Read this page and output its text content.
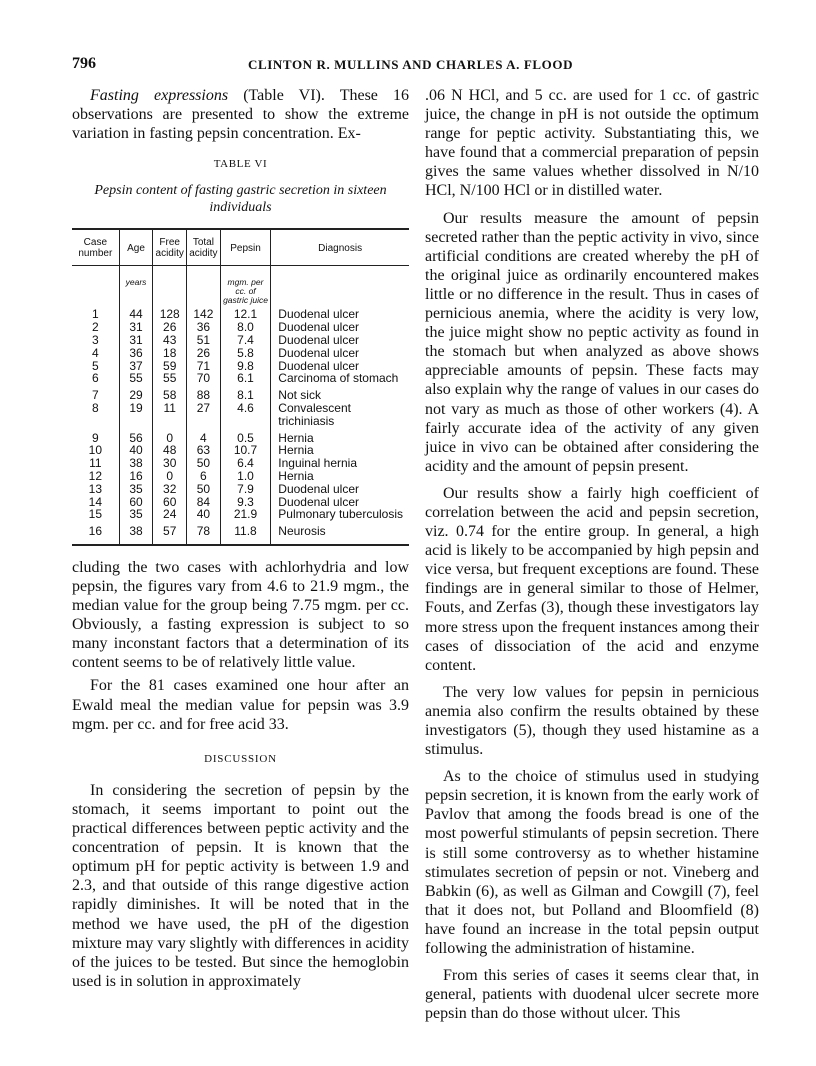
796	CLINTON R. MULLINS AND CHARLES A. FLOOD

Fasting expressions (Table VI). These 16 observations are presented to show the extreme variation in fasting pepsin concentration. Ex-

TABLE VI

Pepsin content of fasting gastric secretion in sixteen individuals

Case number	Age	Free acidity	Total acidity	Pepsin	Diagnosis
	years			mgm. per cc. of gastric juice	
1	44	128	142	12.1	Duodenal ulcer
2	31	26	36	8.0	Duodenal ulcer
3	31	43	51	7.4	Duodenal ulcer
4	36	18	26	5.8	Duodenal ulcer
5	37	59	71	9.8	Duodenal ulcer
6	55	55	70	6.1	Carcinoma of stomach
7	29	58	88	8.1	Not sick
8	19	11	27	4.6	Convalescent trichiniasis
9	56	0	4	0.5	Hernia
10	40	48	63	10.7	Hernia
11	38	30	50	6.4	Inguinal hernia
12	16	0	6	1.0	Hernia
13	35	32	50	7.9	Duodenal ulcer
14	60	60	84	9.3	Duodenal ulcer
15	35	24	40	21.9	Pulmonary tuberculosis
16	38	57	78	11.8	Neurosis

cluding the two cases with achlorhydria and low pepsin, the figures vary from 4.6 to 21.9 mgm., the median value for the group being 7.75 mgm. per cc. Obviously, a fasting expression is subject to so many inconstant factors that a determination of its content seems to be of relatively little value.

For the 81 cases examined one hour after an Ewald meal the median value for pepsin was 3.9 mgm. per cc. and for free acid 33.

DISCUSSION

In considering the secretion of pepsin by the stomach, it seems important to point out the practical differences between peptic activity and the concentration of pepsin. It is known that the optimum pH for peptic activity is between 1.9 and 2.3, and that outside of this range digestive action rapidly diminishes. It will be noted that in the method we have used, the pH of the digestion mixture may vary slightly with differences in acidity of the juices to be tested. But since the hemoglobin used is in solution in approximately

.06 N HCl, and 5 cc. are used for 1 cc. of gastric juice, the change in pH is not outside the optimum range for peptic activity. Substantiating this, we have found that a commercial preparation of pepsin gives the same values whether dissolved in N/10 HCl, N/100 HCl or in distilled water.

Our results measure the amount of pepsin secreted rather than the peptic activity in vivo, since artificial conditions are created whereby the pH of the original juice as ordinarily encountered makes little or no difference in the result. Thus in cases of pernicious anemia, where the acidity is very low, the juice might show no peptic activity as found in the stomach but when analyzed as above shows appreciable amounts of pepsin. These facts may also explain why the range of values in our cases do not vary as much as those of other workers (4). A fairly accurate idea of the activity of any given juice in vivo can be obtained after considering the acidity and the amount of pepsin present.

Our results show a fairly high coefficient of correlation between the acid and pepsin secretion, viz. 0.74 for the entire group. In general, a high acid is likely to be accompanied by high pepsin and vice versa, but frequent exceptions are found. These findings are in general similar to those of Helmer, Fouts, and Zerfas (3), though these investigators lay more stress upon the frequent instances among their cases of dissociation of the acid and enzyme content.

The very low values for pepsin in pernicious anemia also confirm the results obtained by these investigators (5), though they used histamine as a stimulus.

As to the choice of stimulus used in studying pepsin secretion, it is known from the early work of Pavlov that among the foods bread is one of the most powerful stimulants of pepsin secretion. There is still some controversy as to whether histamine stimulates secretion of pepsin or not. Vineberg and Babkin (6), as well as Gilman and Cowgill (7), feel that it does not, but Polland and Bloomfield (8) have found an increase in the total pepsin output following the administration of histamine.

From this series of cases it seems clear that, in general, patients with duodenal ulcer secrete more pepsin than do those without ulcer. This
